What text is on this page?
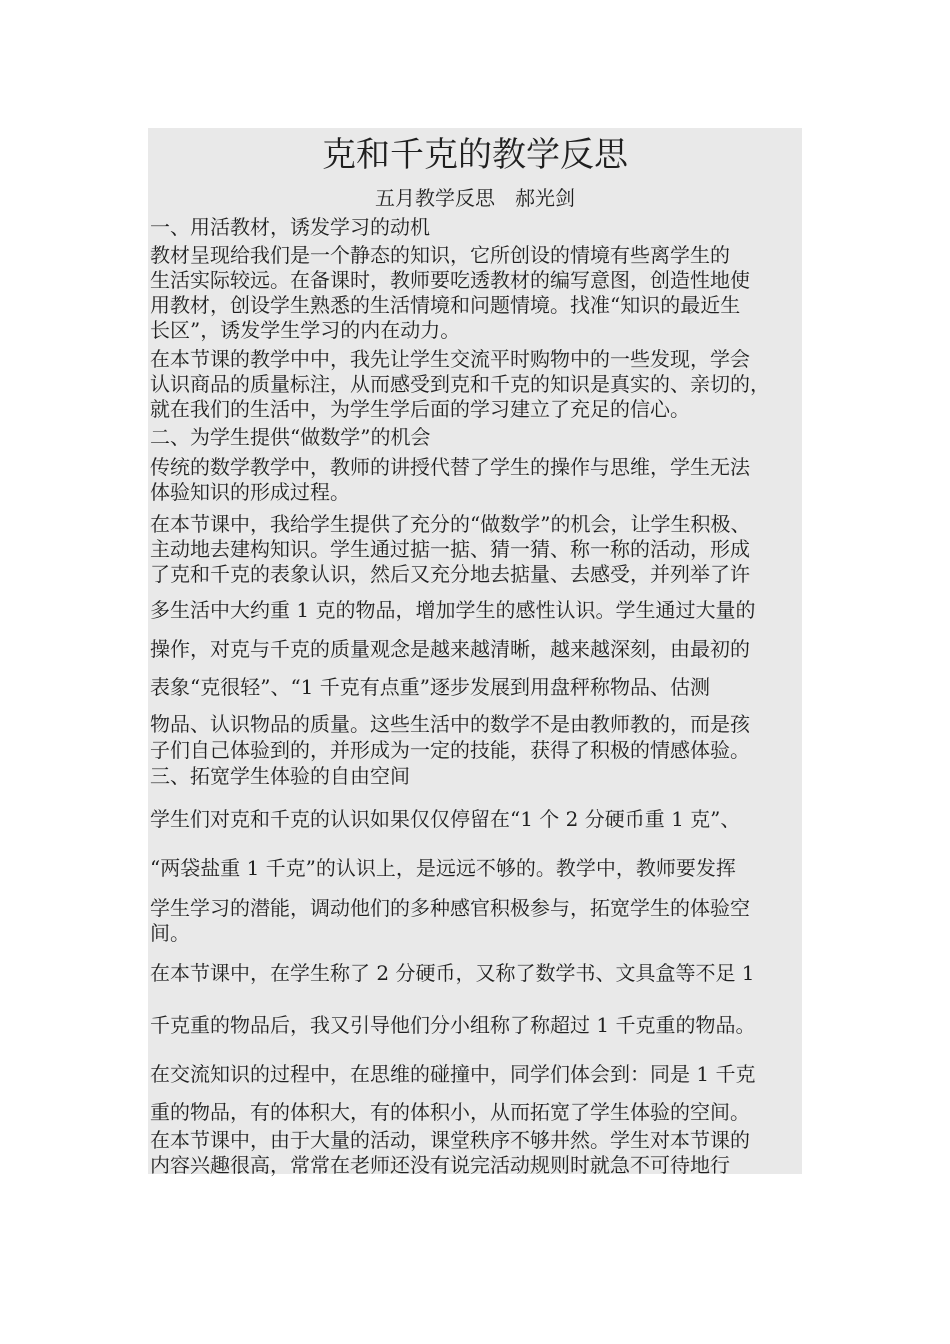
克和千克的教学反思
五月教学反思　郝光剑
一、用活教材，诱发学习的动机
教材呈现给我们是一个静态的知识，它所创设的情境有些离学生的
生活实际较远。在备课时，教师要吃透教材的编写意图，创造性地使
用教材，创设学生熟悉的生活情境和问题情境。找准“知识的最近生
长区”，诱发学生学习的内在动力。
在本节课的教学中中，我先让学生交流平时购物中的一些发现，学会
认识商品的质量标注，从而感受到克和千克的知识是真实的、亲切的，
就在我们的生活中，为学生学后面的学习建立了充足的信心。
二、为学生提供“做数学”的机会
传统的数学教学中，教师的讲授代替了学生的操作与思维，学生无法
体验知识的形成过程。
在本节课中，我给学生提供了充分的“做数学”的机会，让学生积极、
主动地去建构知识。学生通过掂一掂、猜一猜、称一称的活动，形成
了克和千克的表象认识，然后又充分地去掂量、去感受，并列举了许
多生活中大约重 1 克的物品，增加学生的感性认识。学生通过大量的
操作，对克与千克的质量观念是越来越清晰，越来越深刻，由最初的
表象“克很轻”、“1 千克有点重”逐步发展到用盘秤称物品、估测
物品、认识物品的质量。这些生活中的数学不是由教师教的，而是孩
子们自己体验到的，并形成为一定的技能，获得了积极的情感体验。
三、拓宽学生体验的自由空间
学生们对克和千克的认识如果仅仅停留在“1 个 2 分硬币重 1 克”、
“两袋盐重 1 千克”的认识上，是远远不够的。教学中，教师要发挥
学生学习的潜能，调动他们的多种感官积极参与，拓宽学生的体验空
间。
在本节课中，在学生称了 2 分硬币，又称了数学书、文具盒等不足 1
千克重的物品后，我又引导他们分小组称了称超过 1 千克重的物品。
在交流知识的过程中，在思维的碰撞中，同学们体会到：同是 1 千克
重的物品，有的体积大，有的体积小，从而拓宽了学生体验的空间。
在本节课中，由于大量的活动，课堂秩序不够井然。学生对本节课的
内容兴趣很高，常常在老师还没有说完活动规则时就急不可待地行
